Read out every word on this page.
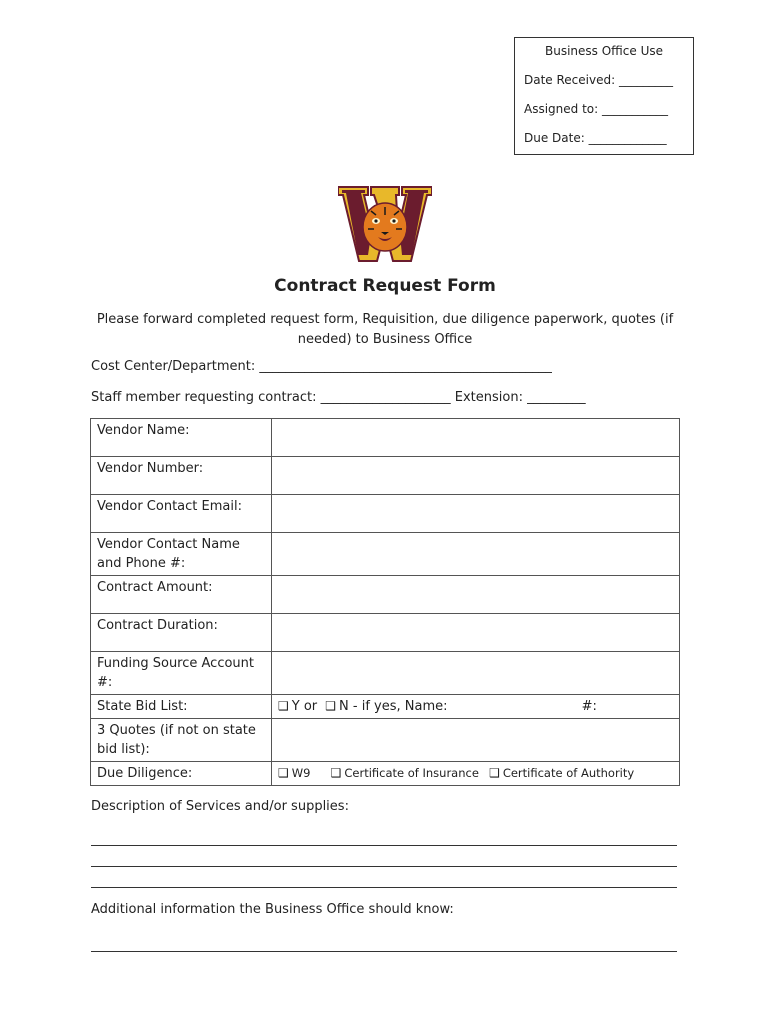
Business Office Use
Date Received: _________
Assigned to: ___________
Due Date: _____________
Contract Request Form
Please forward completed request form, Requisition, due diligence paperwork, quotes (if needed) to Business Office
Cost Center/Department: _____________________________________________
Staff member requesting contract: ____________________ Extension: _________
Vendor Name:	
Vendor Number:	
Vendor Contact Email:	
Vendor Contact Name and Phone #:	
Contract Amount:	
Contract Duration:	
Funding Source Account #:	
State Bid List:	❑ Y or ❑ N - if yes, Name: #:
3 Quotes (if not on state bid list):	
Due Diligence:	❑ W9 ❑ Certificate of Insurance ❑ Certificate of Authority
Description of Services and/or supplies:
Additional information the Business Office should know:
